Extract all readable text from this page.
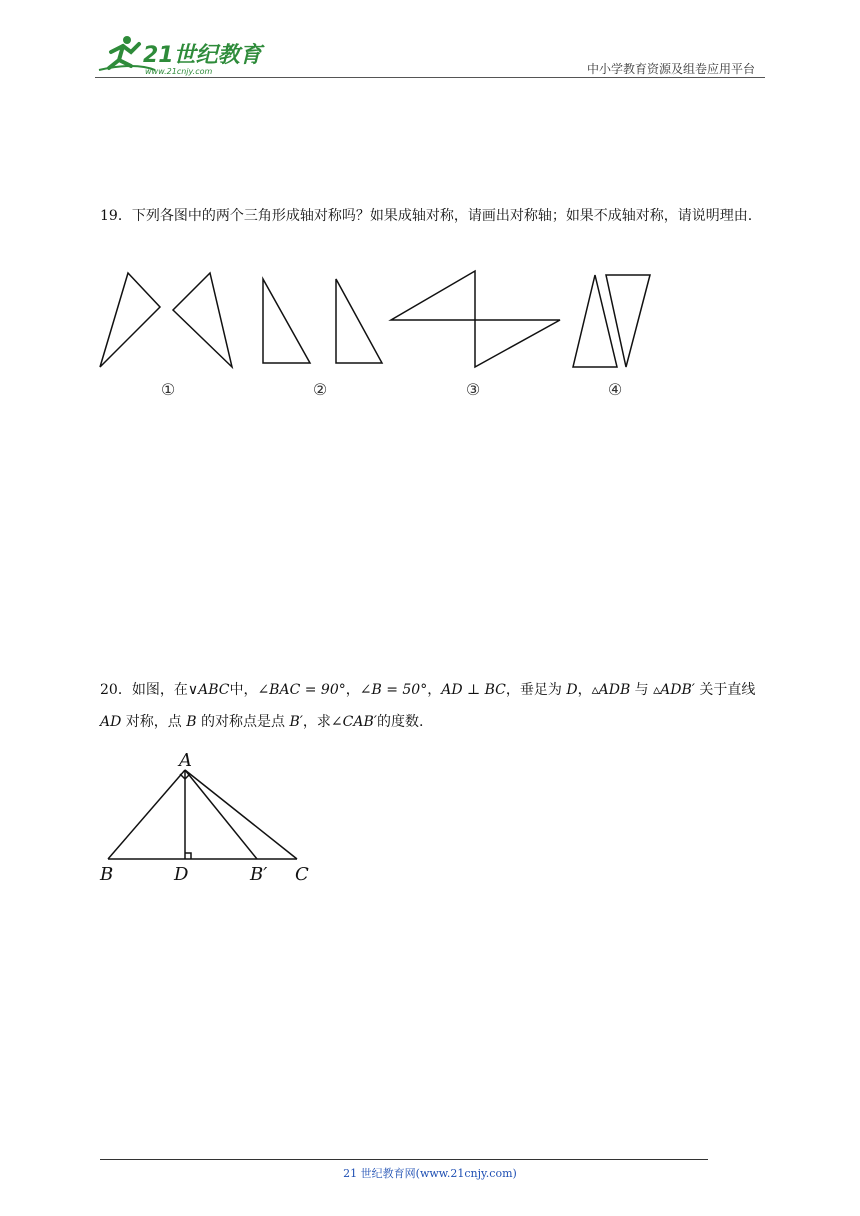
21世纪教育
www.21cnjy.com	中小学教育资源及组卷应用平台
19．下列各图中的两个三角形成轴对称吗？如果成轴对称，请画出对称轴；如果不成轴对称，请说明理由.
①	②	③	④
20．如图，在∨ABC中，∠BAC = 90°，∠B = 50°，AD ⊥ BC，垂足为 D，▵ADB 与 ▵ADB′ 关于直线 AD 对称，点 B 的对称点是点 B′，求∠CAB′的度数.
A
B	D	B′ C
21 世纪教育网(www.21cnjy.com)
